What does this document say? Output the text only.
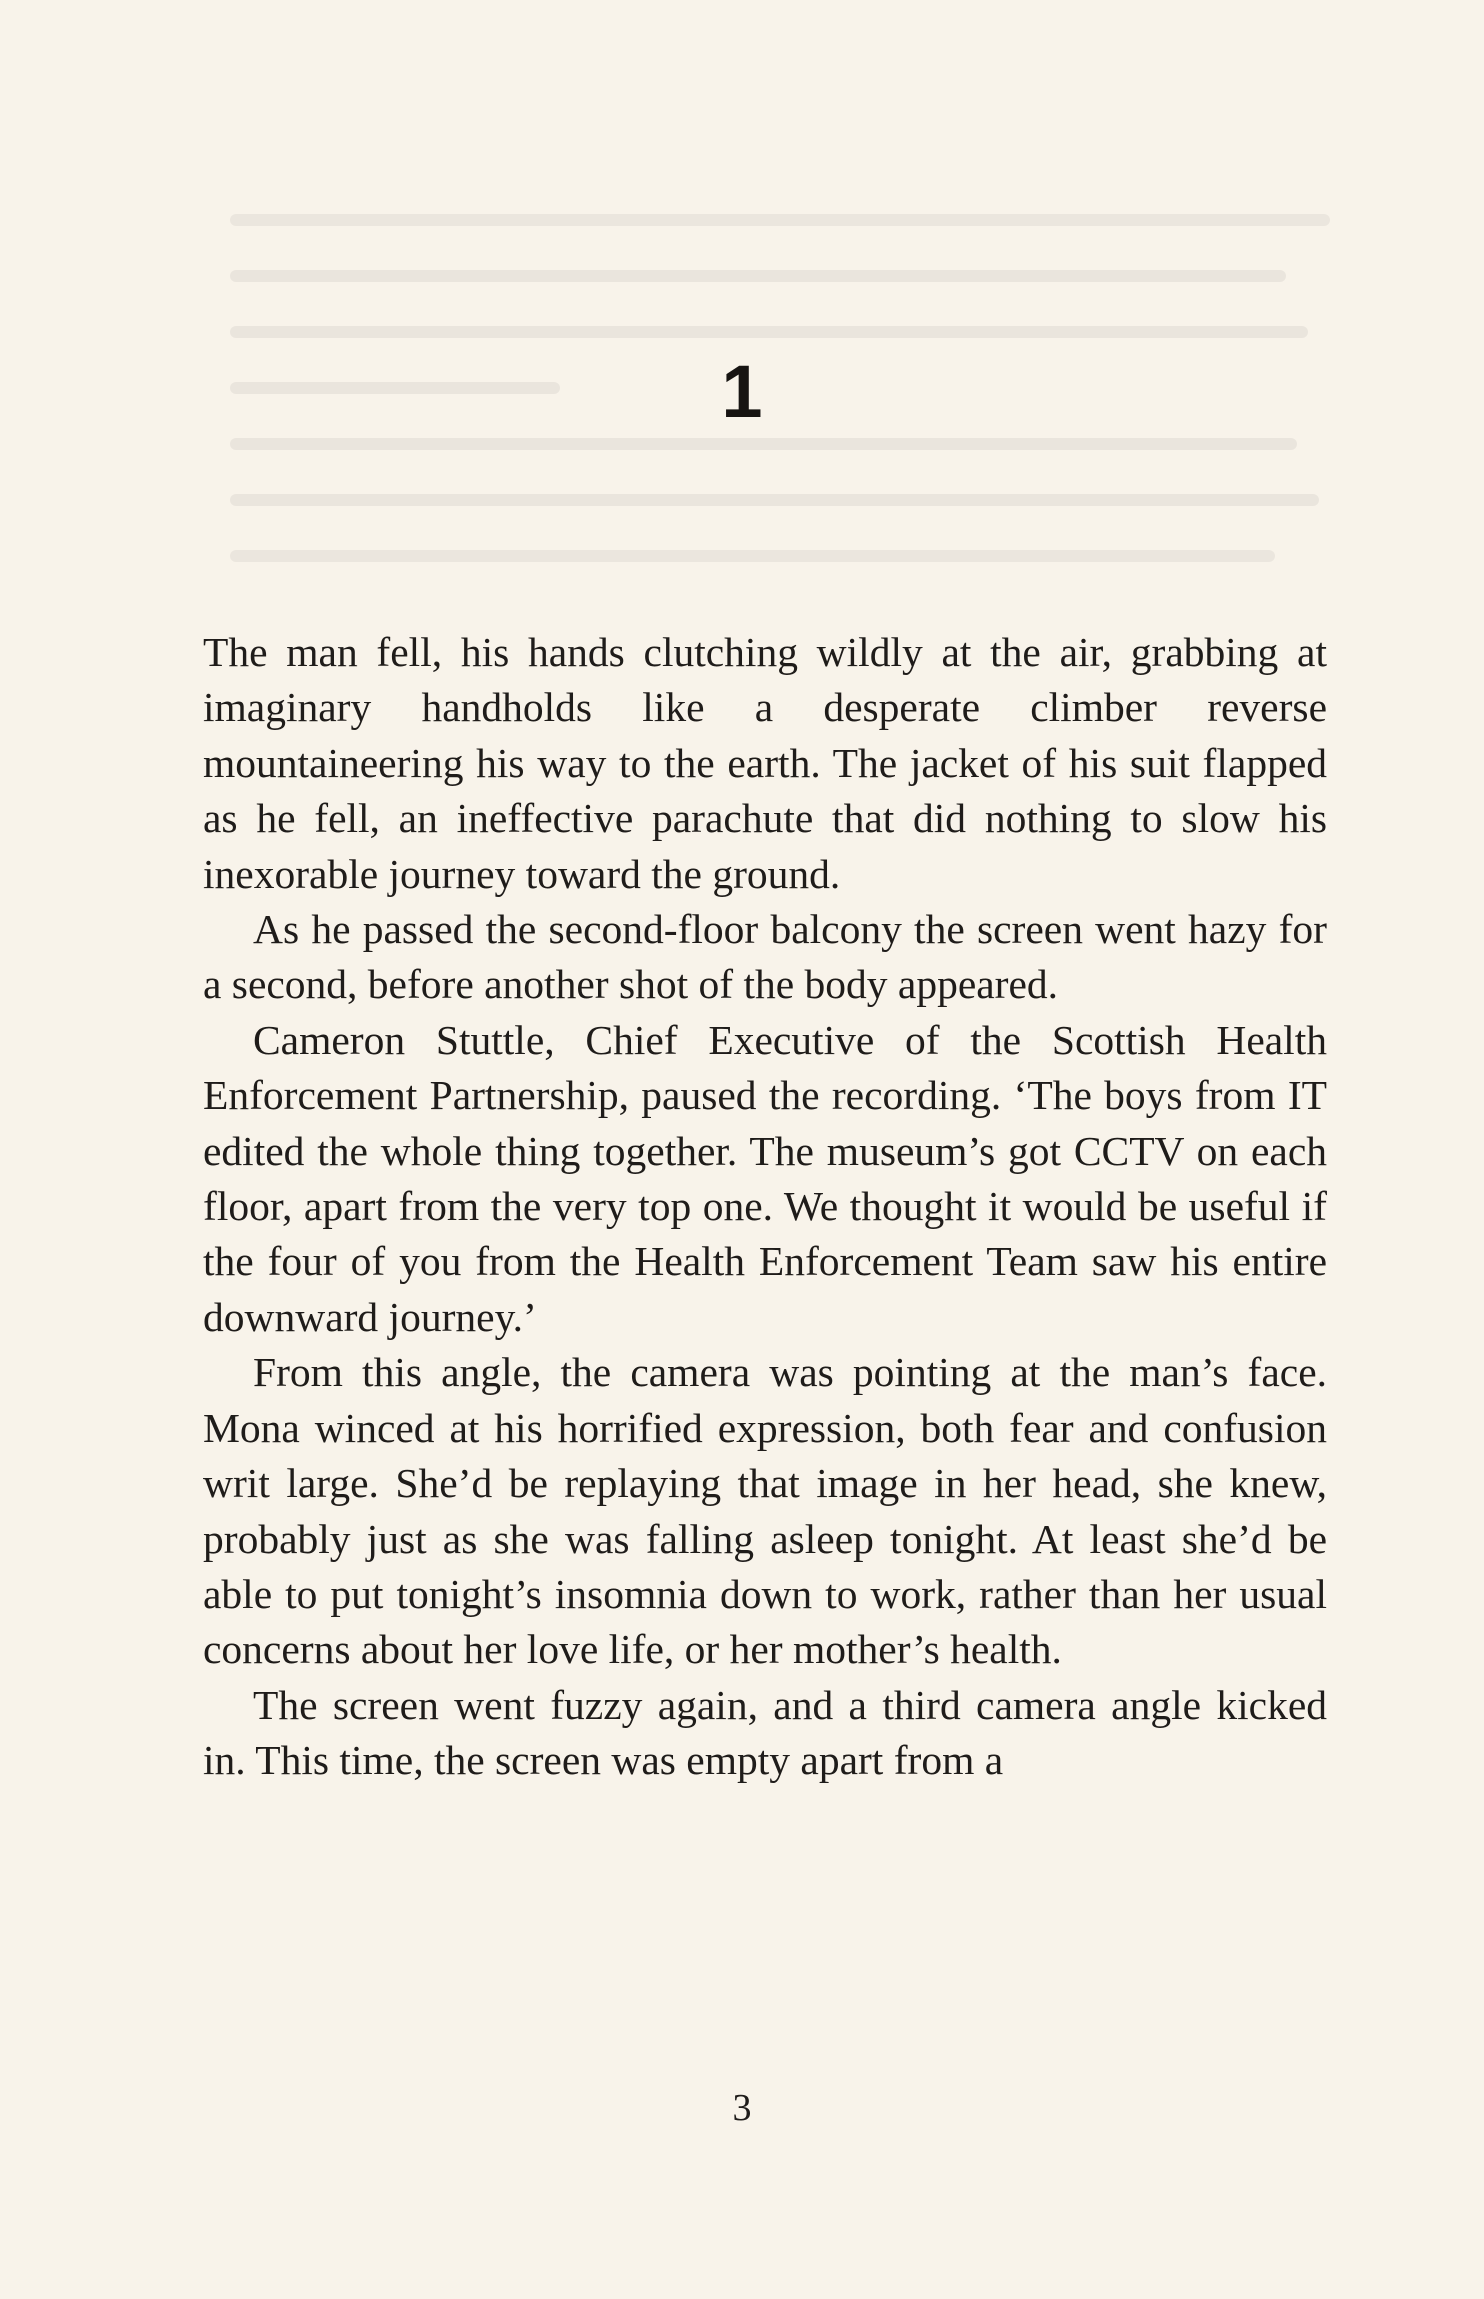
1

The man fell, his hands clutching wildly at the air, grabbing at imaginary handholds like a desperate climber reverse mountaineering his way to the earth. The jacket of his suit flapped as he fell, an ineffective parachute that did nothing to slow his inexorable journey toward the ground.

As he passed the second-floor balcony the screen went hazy for a second, before another shot of the body appeared.

Cameron Stuttle, Chief Executive of the Scottish Health Enforcement Partnership, paused the recording. ‘The boys from IT edited the whole thing together. The museum’s got CCTV on each floor, apart from the very top one. We thought it would be useful if the four of you from the Health Enforcement Team saw his entire downward journey.’

From this angle, the camera was pointing at the man’s face. Mona winced at his horrified expression, both fear and confusion writ large. She’d be replaying that image in her head, she knew, probably just as she was falling asleep tonight. At least she’d be able to put tonight’s insomnia down to work, rather than her usual concerns about her love life, or her mother’s health.

The screen went fuzzy again, and a third camera angle kicked in. This time, the screen was empty apart from a

3
